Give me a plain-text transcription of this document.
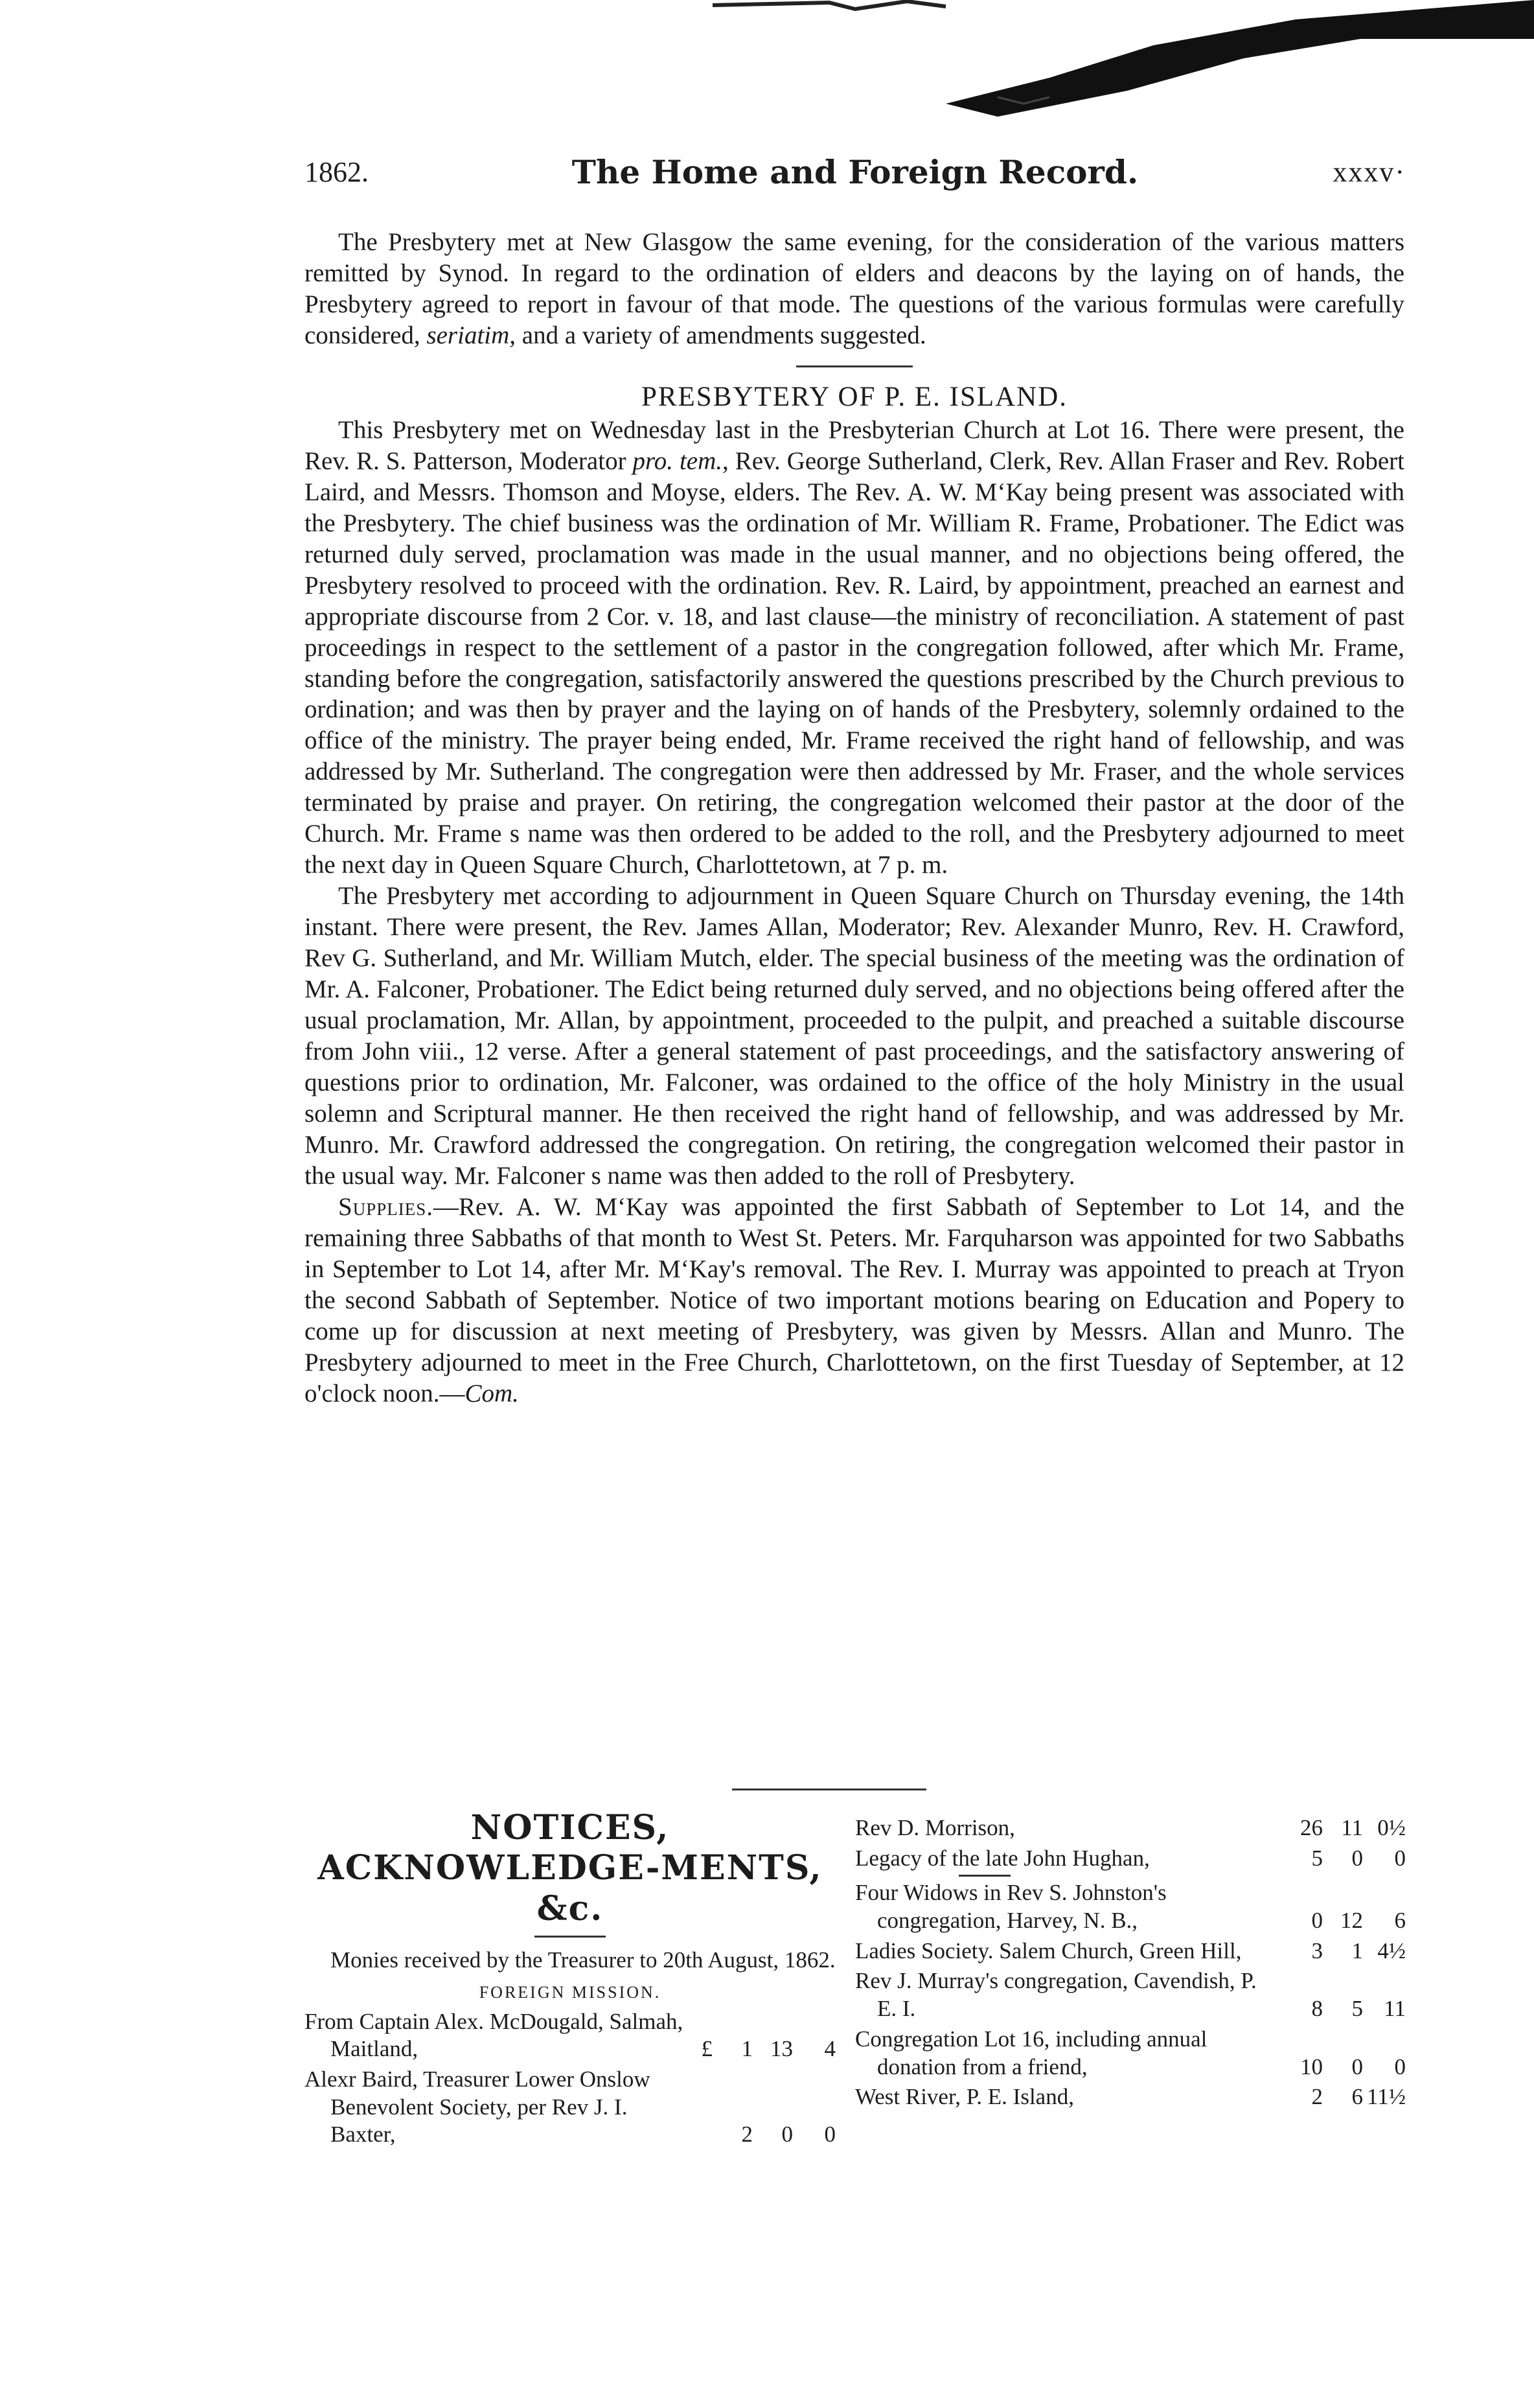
1862.	The Home and Foreign Record.	xxxv·

The Presbytery met at New Glasgow the same evening, for the consideration of the various matters remitted by Synod. In regard to the ordination of elders and deacons by the laying on of hands, the Presbytery agreed to report in favour of that mode. The questions of the various formulas were carefully considered, seriatim, and a variety of amendments suggested.

PRESBYTERY OF P. E. ISLAND.

This Presbytery met on Wednesday last in the Presbyterian Church at Lot 16. There were present, the Rev. R. S. Patterson, Moderator pro. tem., Rev. George Sutherland, Clerk, Rev. Allan Fraser and Rev. Robert Laird, and Messrs. Thomson and Moyse, elders. The Rev. A. W. M‘Kay being present was associated with the Presbytery. The chief business was the ordination of Mr. William R. Frame, Probationer. The Edict was returned duly served, proclamation was made in the usual manner, and no objections being offered, the Presbytery resolved to proceed with the ordination. Rev. R. Laird, by appointment, preached an earnest and appropriate discourse from 2 Cor. v. 18, and last clause—the ministry of reconciliation. A statement of past proceedings in respect to the settlement of a pastor in the congregation followed, after which Mr. Frame, standing before the congregation, satisfactorily answered the questions prescribed by the Church previous to ordination; and was then by prayer and the laying on of hands of the Presbytery, solemnly ordained to the office of the ministry. The prayer being ended, Mr. Frame received the right hand of fellowship, and was addressed by Mr. Sutherland. The congregation were then addressed by Mr. Fraser, and the whole services terminated by praise and prayer. On retiring, the congregation welcomed their pastor at the door of the Church. Mr. Frame s name was then ordered to be added to the roll, and the Presbytery adjourned to meet the next day in Queen Square Church, Charlottetown, at 7 p. m.

The Presbytery met according to adjournment in Queen Square Church on Thursday evening, the 14th instant. There were present, the Rev. James Allan, Moderator; Rev. Alexander Munro, Rev. H. Crawford, Rev G. Sutherland, and Mr. William Mutch, elder. The special business of the meeting was the ordination of Mr. A. Falconer, Probationer. The Edict being returned duly served, and no objections being offered after the usual proclamation, Mr. Allan, by appointment, proceeded to the pulpit, and preached a suitable discourse from John viii., 12 verse. After a general statement of past proceedings, and the satisfactory answering of questions prior to ordination, Mr. Falconer, was ordained to the office of the holy Ministry in the usual solemn and Scriptural manner. He then received the right hand of fellowship, and was addressed by Mr. Munro. Mr. Crawford addressed the congregation. On retiring, the congregation welcomed their pastor in the usual way. Mr. Falconer s name was then added to the roll of Presbytery.

Supplies.—Rev. A. W. M‘Kay was appointed the first Sabbath of September to Lot 14, and the remaining three Sabbaths of that month to West St. Peters. Mr. Farquharson was appointed for two Sabbaths in September to Lot 14, after Mr. M‘Kay's removal. The Rev. I. Murray was appointed to preach at Tryon the second Sabbath of September. Notice of two important motions bearing on Education and Popery to come up for discussion at next meeting of Presbytery, was given by Messrs. Allan and Munro. The Presbytery adjourned to meet in the Free Church, Charlottetown, on the first Tuesday of September, at 12 o'clock noon.—Com.

NOTICES, ACKNOWLEDGE-MENTS, &c.

Monies received by the Treasurer to 20th August, 1862.

FOREIGN MISSION.

From Captain Alex. McDougald, Salmah, Maitland,	£	1 13	4
Alexr Baird, Treasurer Lower Onslow Benevolent Society, per Rev J. I. Baxter,	2	0	0
Rev D. Morrison,	26 11 0½
Legacy of the late John Hughan,	5	0	0
Four Widows in Rev S. Johnston's congregation, Harvey, N. B.,	0 12	6
Ladies Society. Salem Church, Green Hill,	3	1 4½
Rev J. Murray's congregation, Cavendish, P. E. I.	8	5 11
Congregation Lot 16, including annual donation from a friend,	10	0	0
West River, P. E. Island,	2	6 11½
